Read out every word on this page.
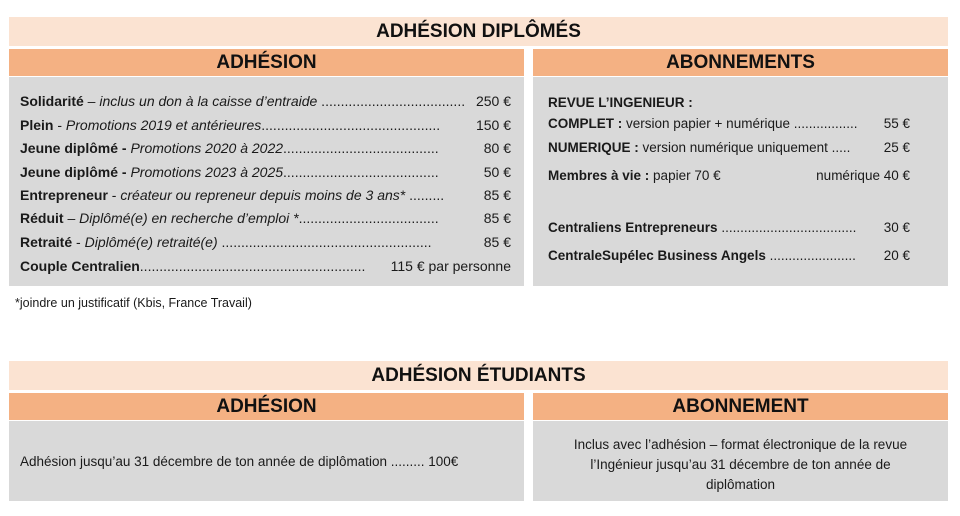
ADHÉSION DIPLÔMÉS
ADHÉSION	ABONNEMENTS
Solidarité – inclus un don à la caisse d’entraide ..................................... 250 €
Plein - Promotions 2019 et antérieures..............................................	150 €
Jeune diplômé - Promotions 2020 à 2022........................................	80 €
Jeune diplômé - Promotions 2023 à 2025........................................	50 €
Entrepreneur - créateur ou repreneur depuis moins de 3 ans* .........	85 €
Réduit – Diplômé(e) en recherche d’emploi *....................................	85 €
Retraité - Diplômé(e) retraité(e) ......................................................	85 €
Couple Centralien.......................................................... 115 € par personne
REVUE L’INGENIEUR :
COMPLET : version papier + numérique ................. 55 €
NUMERIQUE : version numérique uniquement ..... 25 €
Membres à vie : papier 70 €	numérique 40 €
Centraliens Entrepreneurs .................................... 30 €
CentraleSupélec Business Angels ....................... 20 €
*joindre un justificatif (Kbis, France Travail)
ADHÉSION ÉTUDIANTS
ADHÉSION	ABONNEMENT
Adhésion jusqu’au 31 décembre de ton année de diplômation ......... 100€
Inclus avec l’adhésion – format électronique de la revue
l’Ingénieur jusqu’au 31 décembre de ton année de
diplômation
